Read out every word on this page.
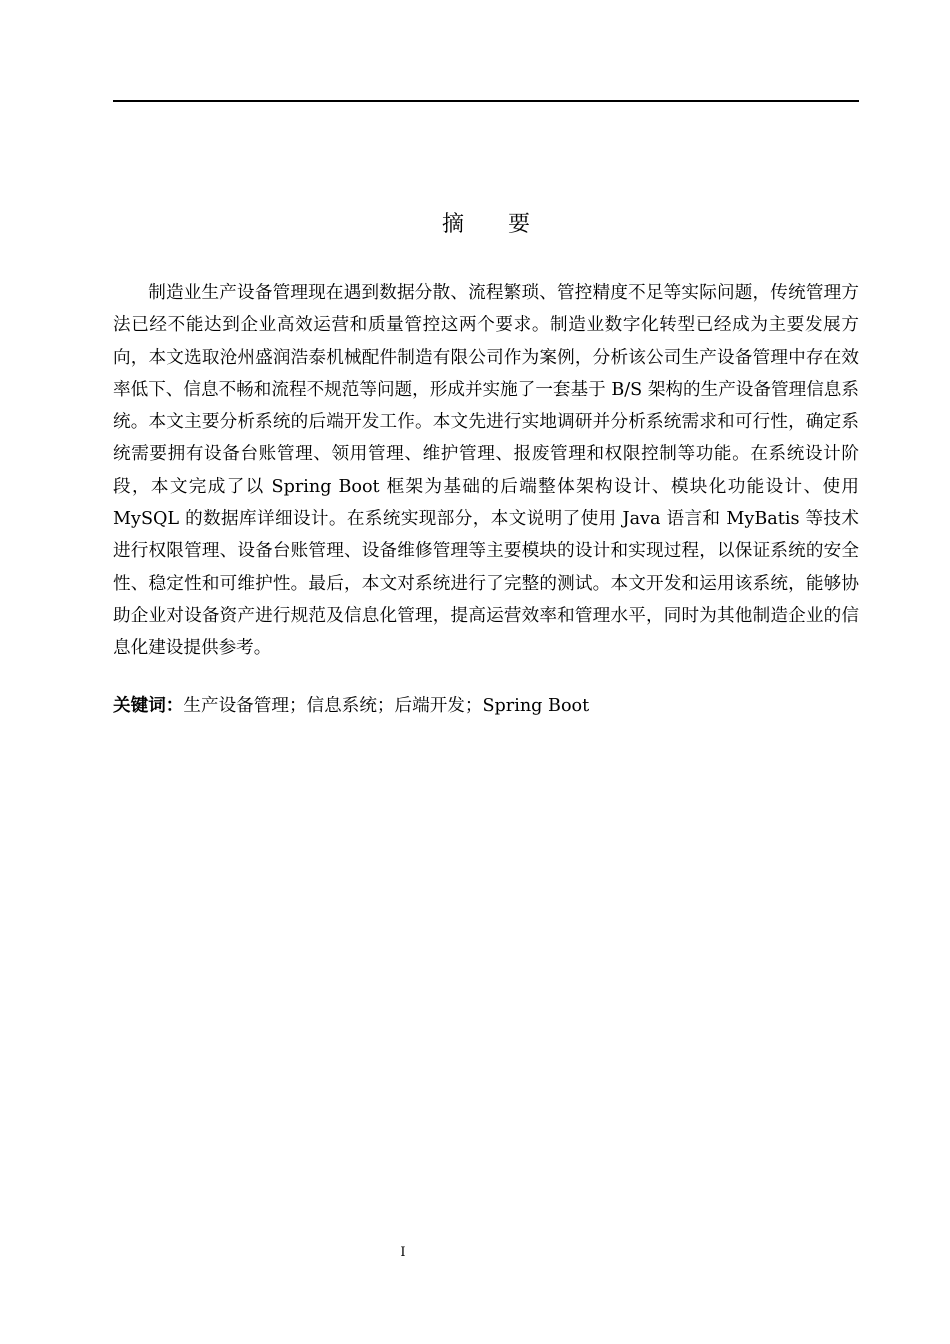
摘要

制造业生产设备管理现在遇到数据分散、流程繁琐、管控精度不足等实际问题，传统管理方法已经不能达到企业高效运营和质量管控这两个要求。制造业数字化转型已经成为主要发展方向，本文选取沧州盛润浩泰机械配件制造有限公司作为案例，分析该公司生产设备管理中存在效率低下、信息不畅和流程不规范等问题，形成并实施了一套基于 B/S 架构的生产设备管理信息系统。本文主要分析系统的后端开发工作。本文先进行实地调研并分析系统需求和可行性，确定系统需要拥有设备台账管理、领用管理、维护管理、报废管理和权限控制等功能。在系统设计阶段，本文完成了以 Spring Boot 框架为基础的后端整体架构设计、模块化功能设计、使用 MySQL 的数据库详细设计。在系统实现部分，本文说明了使用 Java 语言和 MyBatis 等技术进行权限管理、设备台账管理、设备维修管理等主要模块的设计和实现过程，以保证系统的安全性、稳定性和可维护性。最后，本文对系统进行了完整的测试。本文开发和运用该系统，能够协助企业对设备资产进行规范及信息化管理，提高运营效率和管理水平，同时为其他制造企业的信息化建设提供参考。

关键词：生产设备管理；信息系统；后端开发；Spring Boot

I
